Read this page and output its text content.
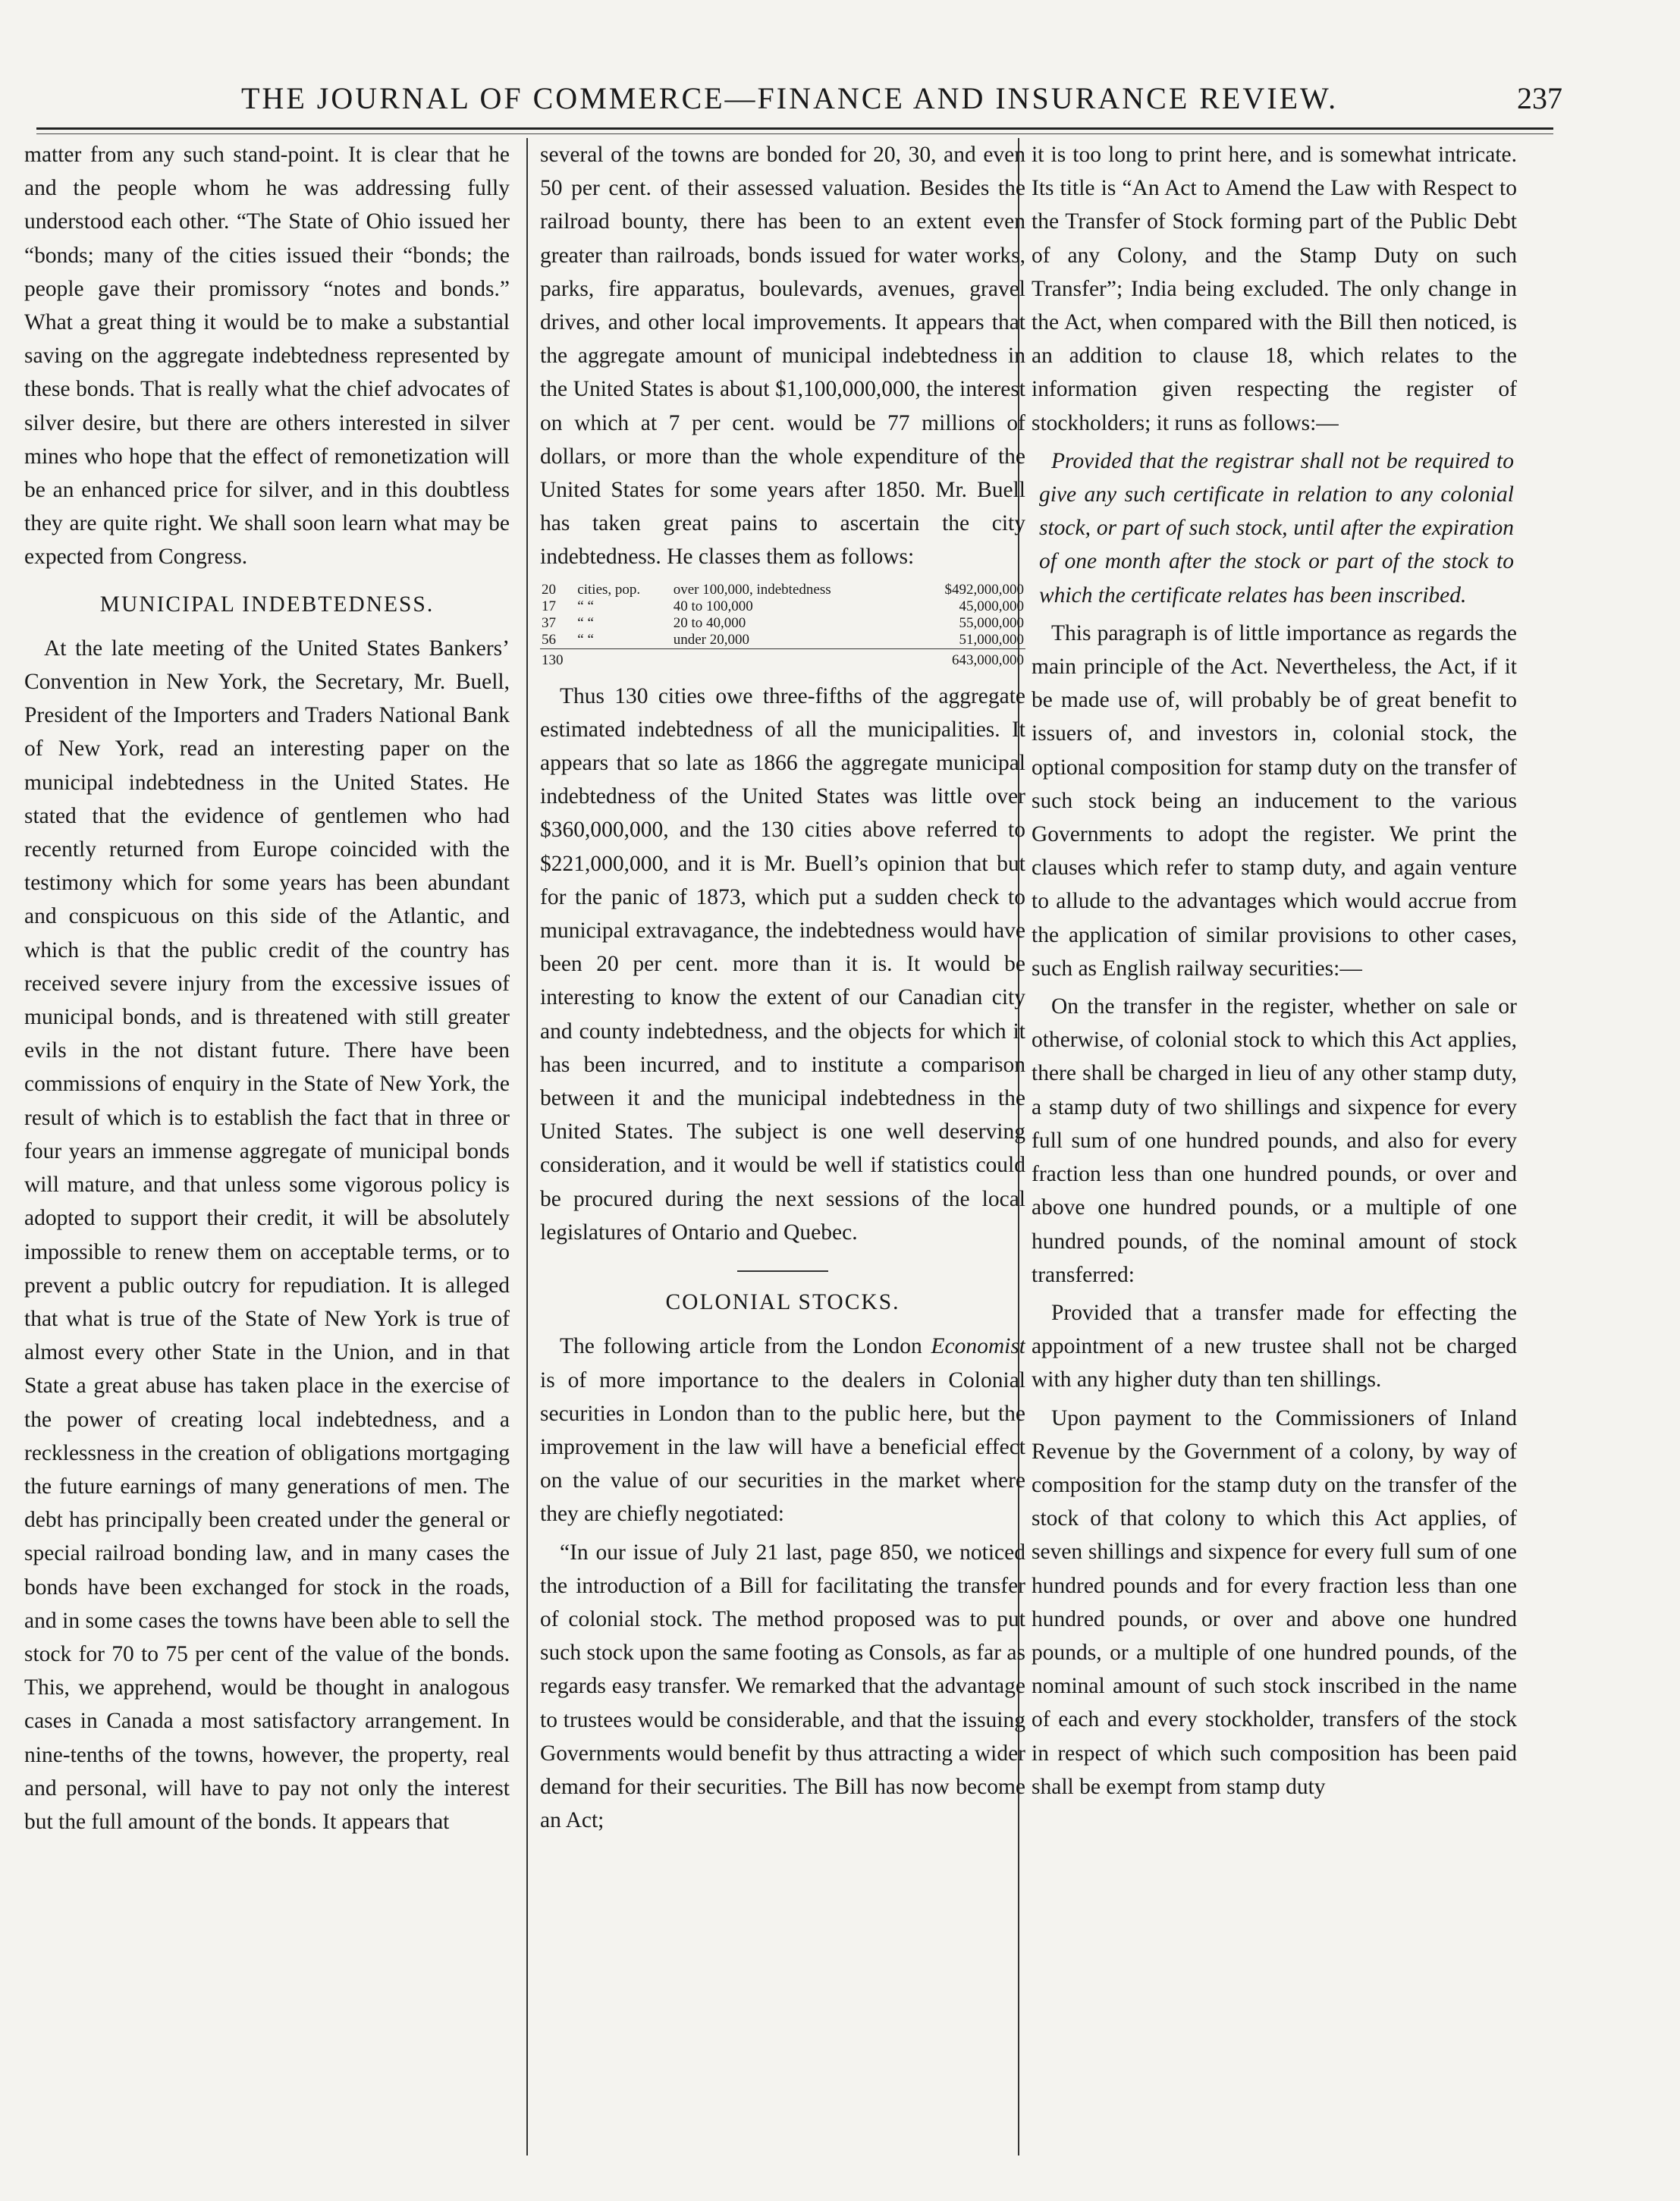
THE JOURNAL OF COMMERCE—FINANCE AND INSURANCE REVIEW.	237

matter from any such stand-point. It is clear that he and the people whom he was addressing fully understood each other. “The State of Ohio issued her “bonds; many of the cities issued their “bonds; the people gave their promissory “notes and bonds.” What a great thing it would be to make a substantial saving on the aggregate indebtedness represented by these bonds. That is really what the chief advocates of silver desire, but there are others interested in silver mines who hope that the effect of remonetization will be an enhanced price for silver, and in this doubtless they are quite right. We shall soon learn what may be expected from Congress.

MUNICIPAL INDEBTEDNESS.

At the late meeting of the United States Bankers’ Convention in New York, the Secretary, Mr. Buell, President of the Importers and Traders National Bank of New York, read an interesting paper on the municipal indebtedness in the United States. He stated that the evidence of gentlemen who had recently returned from Europe coincided with the testimony which for some years has been abundant and conspicuous on this side of the Atlantic, and which is that the public credit of the country has received severe injury from the excessive issues of municipal bonds, and is threatened with still greater evils in the not distant future. There have been commissions of enquiry in the State of New York, the result of which is to establish the fact that in three or four years an immense aggregate of municipal bonds will mature, and that unless some vigorous policy is adopted to support their credit, it will be absolutely impossible to renew them on acceptable terms, or to prevent a public outcry for repudiation. It is alleged that what is true of the State of New York is true of almost every other State in the Union, and in that State a great abuse has taken place in the exercise of the power of creating local indebtedness, and a recklessness in the creation of obligations mortgaging the future earnings of many generations of men. The debt has principally been created under the general or special railroad bonding law, and in many cases the bonds have been exchanged for stock in the roads, and in some cases the towns have been able to sell the stock for 70 to 75 per cent of the value of the bonds. This, we apprehend, would be thought in analogous cases in Canada a most satisfactory arrangement. In nine-tenths of the towns, however, the property, real and personal, will have to pay not only the interest but the full amount of the bonds. It appears that

several of the towns are bonded for 20, 30, and even 50 per cent. of their assessed valuation. Besides the railroad bounty, there has been to an extent even greater than railroads, bonds issued for water works, parks, fire apparatus, boulevards, avenues, gravel drives, and other local improvements. It appears that the aggregate amount of municipal indebtedness in the United States is about $1,100,000,000, the interest on which at 7 per cent. would be 77 millions of dollars, or more than the whole expenditure of the United States for some years after 1850. Mr. Buell has taken great pains to ascertain the city indebtedness. He classes them as follows:

20	cities, pop.	over 100,000, indebtedness	$492,000,000
17	“ “	40 to 100,000	45,000,000
37	“ “	20 to 40,000	55,000,000
56	“ “	under 20,000	51,000,000
130			643,000,000

Thus 130 cities owe three-fifths of the aggregate estimated indebtedness of all the municipalities. It appears that so late as 1866 the aggregate municipal indebtedness of the United States was little over $360,000,000, and the 130 cities above referred to $221,000,000, and it is Mr. Buell’s opinion that but for the panic of 1873, which put a sudden check to municipal extravagance, the indebtedness would have been 20 per cent. more than it is. It would be interesting to know the extent of our Canadian city and county indebtedness, and the objects for which it has been incurred, and to institute a comparison between it and the municipal indebtedness in the United States. The subject is one well deserving consideration, and it would be well if statistics could be procured during the next sessions of the local legislatures of Ontario and Quebec.

COLONIAL STOCKS.

The following article from the London Economist is of more importance to the dealers in Colonial securities in London than to the public here, but the improvement in the law will have a beneficial effect on the value of our securities in the market where they are chiefly negotiated:

“In our issue of July 21 last, page 850, we noticed the introduction of a Bill for facilitating the transfer of colonial stock. The method proposed was to put such stock upon the same footing as Consols, as far as regards easy transfer. We remarked that the advantage to trustees would be considerable, and that the issuing Governments would benefit by thus attracting a wider demand for their securities. The Bill has now become an Act;

it is too long to print here, and is somewhat intricate. Its title is “An Act to Amend the Law with Respect to the Transfer of Stock forming part of the Public Debt of any Colony, and the Stamp Duty on such Transfer”; India being excluded. The only change in the Act, when compared with the Bill then noticed, is an addition to clause 18, which relates to the information given respecting the register of stockholders; it runs as follows:—

Provided that the registrar shall not be required to give any such certificate in relation to any colonial stock, or part of such stock, until after the expiration of one month after the stock or part of the stock to which the certificate relates has been inscribed.

This paragraph is of little importance as regards the main principle of the Act. Nevertheless, the Act, if it be made use of, will probably be of great benefit to issuers of, and investors in, colonial stock, the optional composition for stamp duty on the transfer of such stock being an inducement to the various Governments to adopt the register. We print the clauses which refer to stamp duty, and again venture to allude to the advantages which would accrue from the application of similar provisions to other cases, such as English railway securities:—

On the transfer in the register, whether on sale or otherwise, of colonial stock to which this Act applies, there shall be charged in lieu of any other stamp duty, a stamp duty of two shillings and sixpence for every full sum of one hundred pounds, and also for every fraction less than one hundred pounds, or over and above one hundred pounds, or a multiple of one hundred pounds, of the nominal amount of stock transferred:

Provided that a transfer made for effecting the appointment of a new trustee shall not be charged with any higher duty than ten shillings.

Upon payment to the Commissioners of Inland Revenue by the Government of a colony, by way of composition for the stamp duty on the transfer of the stock of that colony to which this Act applies, of seven shillings and sixpence for every full sum of one hundred pounds and for every fraction less than one hundred pounds, or over and above one hundred pounds, or a multiple of one hundred pounds, of the nominal amount of such stock inscribed in the name of each and every stockholder, transfers of the stock in respect of which such composition has been paid shall be exempt from stamp duty
